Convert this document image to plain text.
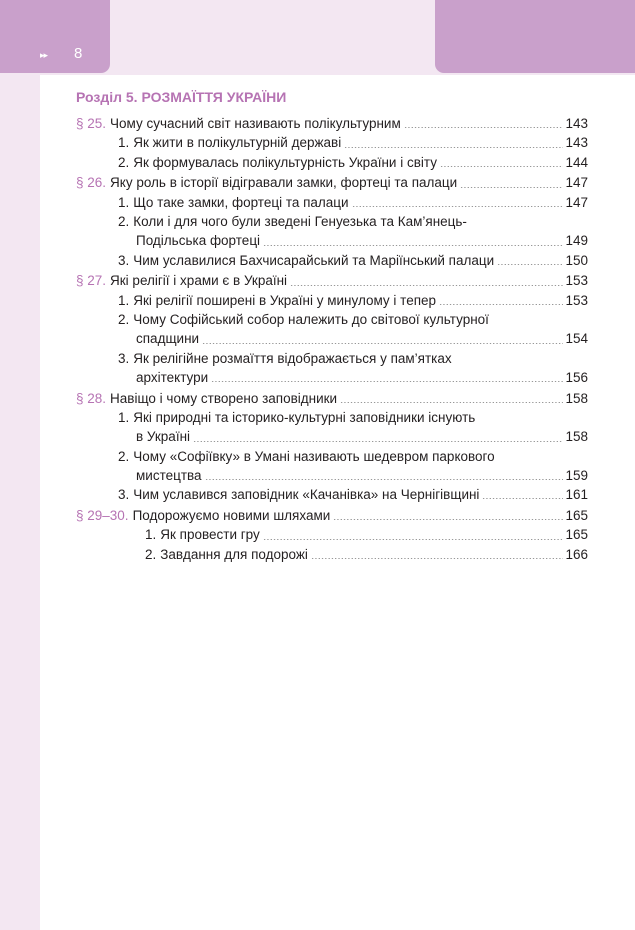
▸▸ 8
Розділ 5. РОЗМАЇТТЯ УКРАЇНИ
§ 25. Чому сучасний світ називають полікультурним	143
1. Як жити в полікультурній державі	143
2. Як формувалась полікультурність України і світу	144
§ 26. Яку роль в історії відігравали замки, фортеці та палаци	147
1. Що таке замки, фортеці та палаци	147
2. Коли і для чого були зведені Генуезька та Кам’янець-
Подільська фортеці	149
3. Чим уславилися Бахчисарайський та Маріїнський палаци	150
§ 27. Які релігії і храми є в Україні	153
1. Які релігії поширені в Україні у минулому і тепер	153
2. Чому Софійський собор належить до світової культурної
спадщини	154
3. Як релігійне розмаїття відображається у пам’ятках
архітектури	156
§ 28. Навіщо і чому створено заповідники	158
1. Які природні та історико-культурні заповідники існують
в Україні	158
2. Чому «Софіївку» в Умані називають шедевром паркового
мистецтва	159
3. Чим уславився заповідник «Качанівка» на Чернігівщині	161
§ 29–30. Подорожуємо новими шляхами	165
1. Як провести гру	165
2. Завдання для подорожі	166
